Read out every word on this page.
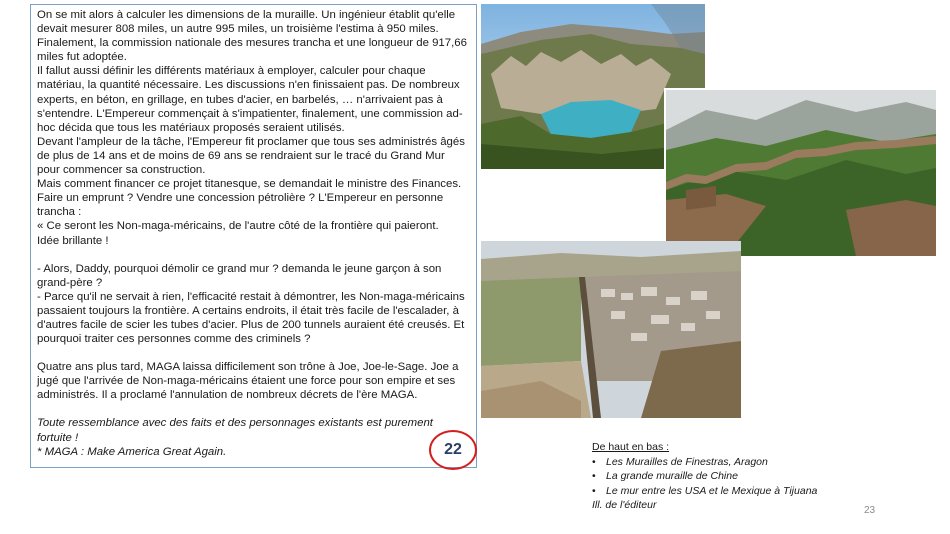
On se mit alors à calculer les dimensions de la muraille. Un ingénieur établit qu'elle devait mesurer 808 miles, un autre 995 miles, un troisième l'estima à 950 miles. Finalement, la commission nationale des mesures trancha et une longueur de 917,66 miles fut adoptée.

Il fallut aussi définir les différents matériaux à employer, calculer pour chaque matériau, la quantité nécessaire. Les discussions n'en finissaient pas. De nombreux experts, en béton, en grillage, en tubes d'acier, en barbelés, … n'arrivaient pas à s'entendre. L'Empereur commençait à s'impatienter, finalement, une commission ad-hoc décida que tous les matériaux proposés seraient utilisés.

Devant l'ampleur de la tâche, l'Empereur fit proclamer que tous ses administrés âgés de plus de 14 ans et de moins de 69 ans se rendraient sur le tracé du Grand Mur pour commencer sa construction.

Mais comment financer ce projet titanesque, se demandait le ministre des Finances. Faire un emprunt ? Vendre une concession pétrolière ? L'Empereur en personne trancha :

« Ce seront les Non-maga-méricains, de l'autre côté de la frontière qui paieront.

Idée brillante !

- Alors, Daddy, pourquoi démolir ce grand mur ? demanda le jeune garçon à son grand-père ?

- Parce qu'il ne servait à rien, l'efficacité restait à démontrer, les Non-maga-méricains passaient toujours la frontière. A certains endroits, il était très facile de l'escalader, à d'autres facile de scier les tubes d'acier. Plus de 200 tunnels auraient été creusés. Et pourquoi traiter ces personnes comme des criminels ?

Quatre ans plus tard, MAGA laissa difficilement son trône à Joe, Joe-le-Sage. Joe a jugé que l'arrivée de Non-maga-méricains étaient une force pour son empire et ses administrés. Il a proclamé l'annulation de nombreux décrets de l'ère MAGA.

Toute ressemblance avec des faits et des personnages existants est purement fortuite !

* MAGA : Make America Great Again.	22	De haut en bas :
• Les Murailles de Finestras, Aragon
• La grande muraille de Chine
• Le mur entre les USA et le Mexique à Tijuana
Ill. de l'éditeur	23
